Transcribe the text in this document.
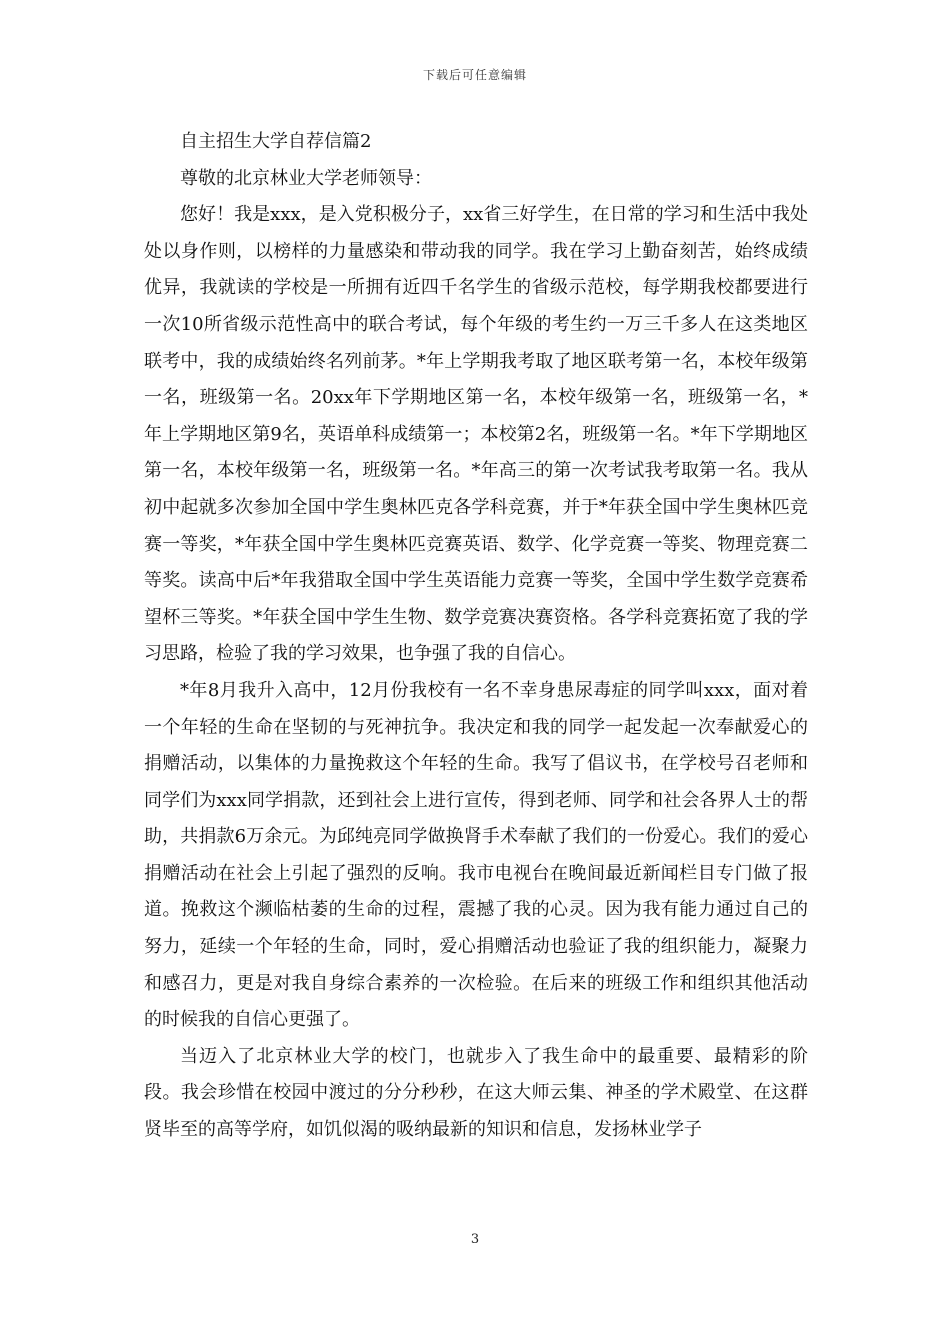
下载后可任意编辑

自主招生大学自荐信篇2

尊敬的北京林业大学老师领导：

您好！我是xxx，是入党积极分子，xx省三好学生，在日常的学习和生活中我处处以身作则，以榜样的力量感染和带动我的同学。我在学习上勤奋刻苦，始终成绩优异，我就读的学校是一所拥有近四千名学生的省级示范校，每学期我校都要进行一次10所省级示范性高中的联合考试，每个年级的考生约一万三千多人在这类地区联考中，我的成绩始终名列前茅。*年上学期我考取了地区联考第一名，本校年级第一名，班级第一名。20xx年下学期地区第一名，本校年级第一名，班级第一名，*年上学期地区第9名，英语单科成绩第一；本校第2名，班级第一名。*年下学期地区第一名，本校年级第一名，班级第一名。*年高三的第一次考试我考取第一名。我从初中起就多次参加全国中学生奥林匹克各学科竞赛，并于*年获全国中学生奥林匹竞赛一等奖，*年获全国中学生奥林匹竞赛英语、数学、化学竞赛一等奖、物理竞赛二等奖。读高中后*年我猎取全国中学生英语能力竞赛一等奖，全国中学生数学竞赛希望杯三等奖。*年获全国中学生生物、数学竞赛决赛资格。各学科竞赛拓宽了我的学习思路，检验了我的学习效果，也争强了我的自信心。

*年8月我升入高中，12月份我校有一名不幸身患尿毒症的同学叫xxx，面对着一个年轻的生命在坚韧的与死神抗争。我决定和我的同学一起发起一次奉献爱心的捐赠活动，以集体的力量挽救这个年轻的生命。我写了倡议书，在学校号召老师和同学们为xxx同学捐款，还到社会上进行宣传，得到老师、同学和社会各界人士的帮助，共捐款6万余元。为邱纯亮同学做换肾手术奉献了我们的一份爱心。我们的爱心捐赠活动在社会上引起了强烈的反响。我市电视台在晚间最近新闻栏目专门做了报道。挽救这个濒临枯萎的生命的过程，震撼了我的心灵。因为我有能力通过自己的努力，延续一个年轻的生命，同时，爱心捐赠活动也验证了我的组织能力，凝聚力和感召力，更是对我自身综合素养的一次检验。在后来的班级工作和组织其他活动的时候我的自信心更强了。

当迈入了北京林业大学的校门，也就步入了我生命中的最重要、最精彩的阶段。我会珍惜在校园中渡过的分分秒秒，在这大师云集、神圣的学术殿堂、在这群贤毕至的高等学府，如饥似渴的吸纳最新的知识和信息，发扬林业学子

3
